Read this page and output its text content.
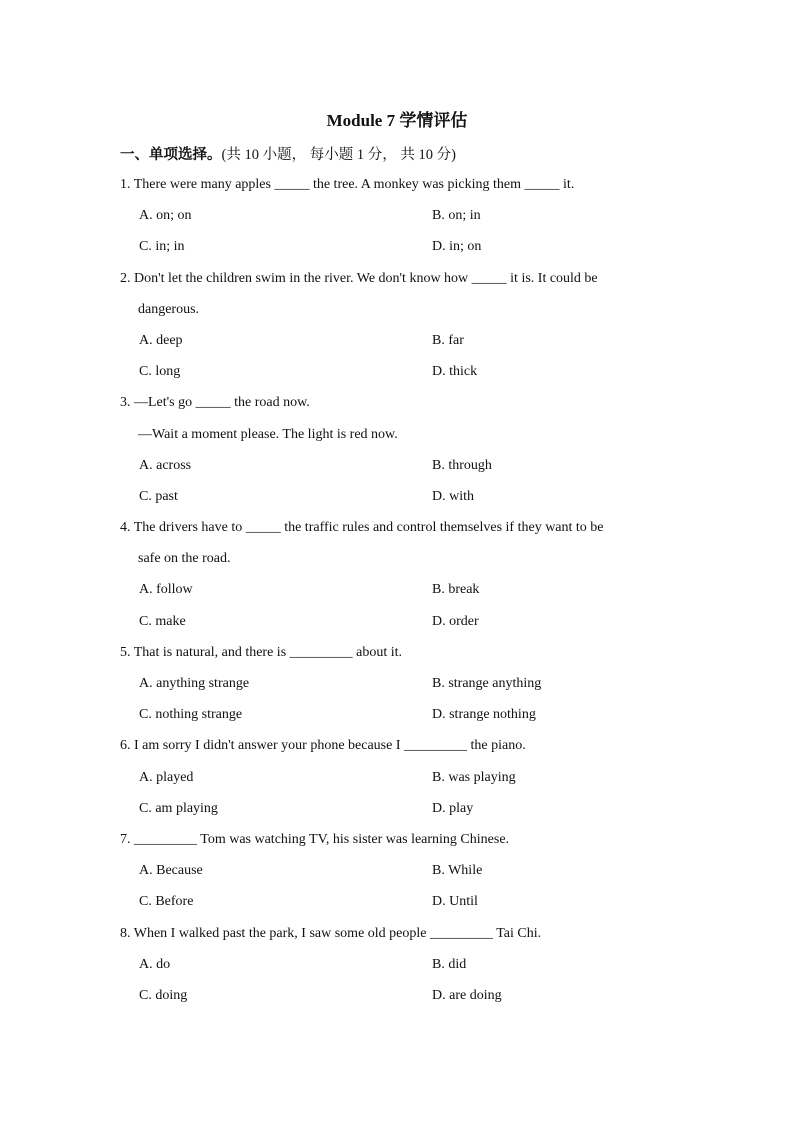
Module 7 学情评估
一、单项选择。(共 10 小题， 每小题 1 分， 共 10 分)
1. There were many apples _____ the tree. A monkey was picking them _____ it.
A. on; on	B. on; in
C. in; in	D. in; on
2. Don't let the children swim in the river. We don't know how _____ it is. It could be
dangerous.
A. deep	B. far
C. long	D. thick
3. —Let's go _____ the road now.
—Wait a moment please. The light is red now.
A. across	B. through
C. past	D. with
4. The drivers have to _____ the traffic rules and control themselves if they want to be
safe on the road.
A. follow	B. break
C. make	D. order
5. That is natural, and there is _________ about it.
A. anything strange	B. strange anything
C. nothing strange	D. strange nothing
6. I am sorry I didn't answer your phone because I _________ the piano.
A. played	B. was playing
C. am playing	D. play
7. _________ Tom was watching TV, his sister was learning Chinese.
A. Because	B. While
C. Before	D. Until
8. When I walked past the park, I saw some old people _________ Tai Chi.
A. do	B. did
C. doing	D. are doing
